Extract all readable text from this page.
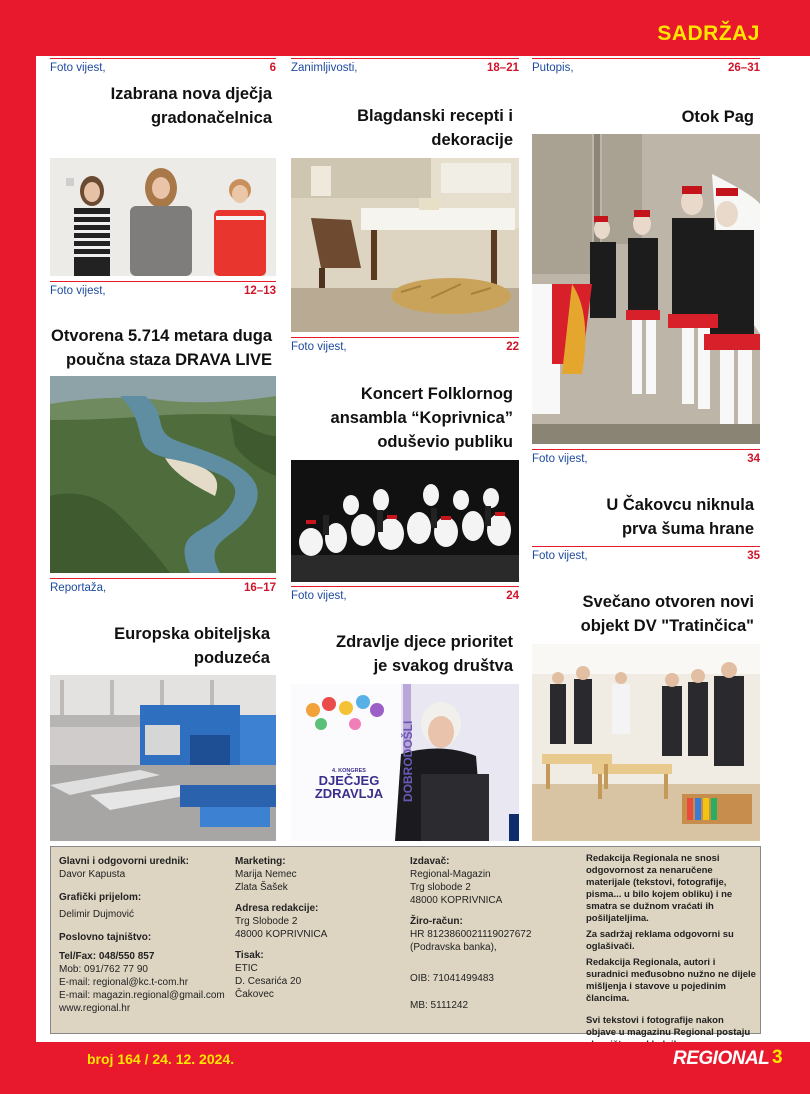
SADRŽAJ
Foto vijest,	6
Izabrana nova dječja gradonačelnica
Foto vijest,	12–13
Otvorena 5.714 metara duga poučna staza DRAVA LIVE
Reportaža,	16–17
Europska obiteljska poduzeća
Zanimljivosti,	18–21
Blagdanski recepti i dekoracije
Foto vijest,	22
Koncert Folklornog ansambla “Koprivnica” oduševio publiku
Foto vijest,	24
Zdravlje djece prioritet je svakog društva
4. KONGRES
DJEČJEG
ZDRAVLJA	DOBRODOŠLI
Putopis,	26–31
Otok Pag
Foto vijest,	34
U Čakovcu niknula prva šuma hrane
Foto vijest,	35
Svečano otvoren novi objekt DV "Tratinčica"
Glavni i odgovorni urednik:
Davor Kapusta
Grafički prijelom:
Delimir Dujmović
Poslovno tajništvo:
Tel/Fax: 048/550 857
Mob: 091/762 77 90
E-mail: regional@kc.t-com.hr
E-mail: magazin.regional@gmail.com
www.regional.hr
Marketing:
Marija Nemec
Zlata Šašek
Adresa redakcije:
Trg Slobode 2
48000 KOPRIVNICA
Tisak:
ETIC
D. Cesarića 20
Čakovec
Izdavač:
Regional-Magazin
Trg slobode 2
48000 KOPRIVNICA
Žiro-račun:
HR 8123860021119027672
(Podravska banka),
OIB: 71041499483
MB: 5111242
Redakcija Regionala ne snosi odgovornost za nenaručene materijale (tekstovi, fotografije, pisma... u bilo kojem obliku) i ne smatra se dužnom vraćati ih pošiljateljima.
Za sadržaj reklama odgovorni su oglašivači.
Redakcija Regionala, autori i suradnici međusobno nužno ne dijele mišljenja i stavove u pojedinim člancima.
Svi tekstovi i fotografije nakon objave u magazinu Regional postaju
broj 164 / 24. 12. 2024.	REGIONAL 3
